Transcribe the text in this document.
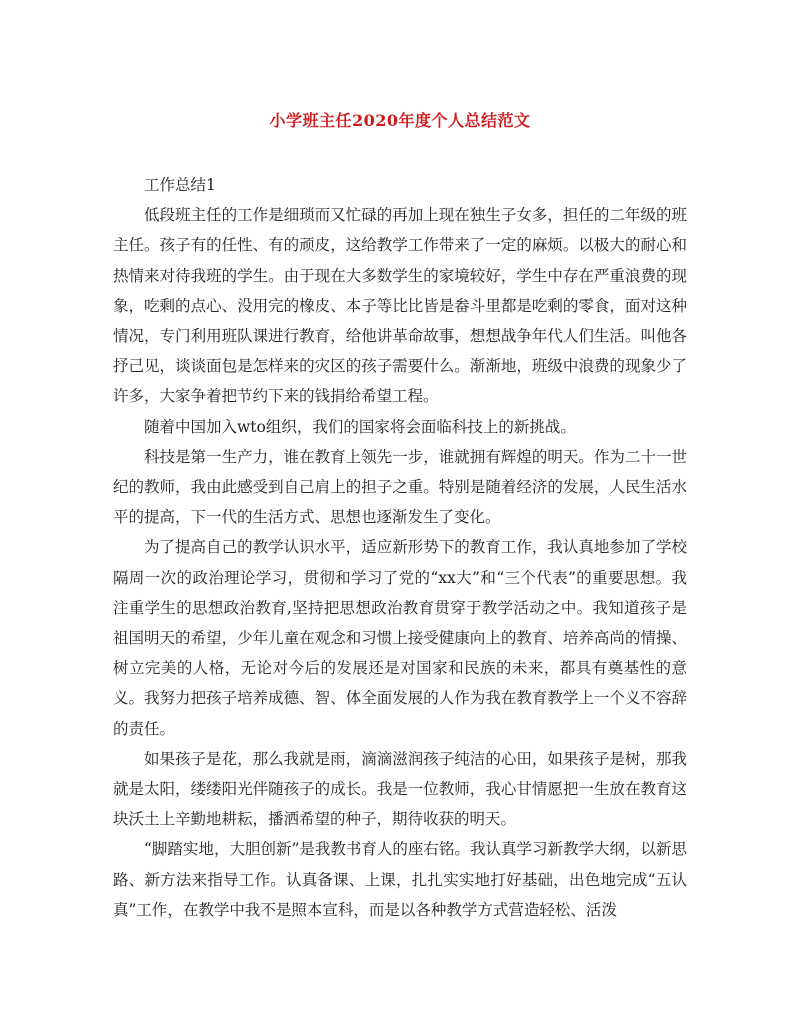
小学班主任2020年度个人总结范文

工作总结1

低段班主任的工作是细琐而又忙碌的再加上现在独生子女多，担任的二年级的班主任。孩子有的任性、有的顽皮，这给教学工作带来了一定的麻烦。以极大的耐心和热情来对待我班的学生。由于现在大多数学生的家境较好，学生中存在严重浪费的现象，吃剩的点心、没用完的橡皮、本子等比比皆是畚斗里都是吃剩的零食，面对这种情况，专门利用班队课进行教育，给他讲革命故事，想想战争年代人们生活。叫他各抒己见，谈谈面包是怎样来的灾区的孩子需要什么。渐渐地，班级中浪费的现象少了许多，大家争着把节约下来的钱捐给希望工程。

随着中国加入wto组织，我们的国家将会面临科技上的新挑战。

科技是第一生产力，谁在教育上领先一步，谁就拥有辉煌的明天。作为二十一世纪的教师，我由此感受到自己肩上的担子之重。特别是随着经济的发展，人民生活水平的提高，下一代的生活方式、思想也逐渐发生了变化。

为了提高自己的教学认识水平，适应新形势下的教育工作，我认真地参加了学校隔周一次的政治理论学习，贯彻和学习了党的“xx大”和“三个代表”的重要思想。我注重学生的思想政治教育,坚持把思想政治教育贯穿于教学活动之中。我知道孩子是祖国明天的希望，少年儿童在观念和习惯上接受健康向上的教育、培养高尚的情操、树立完美的人格，无论对今后的发展还是对国家和民族的未来，都具有奠基性的意义。我努力把孩子培养成德、智、体全面发展的人作为我在教育教学上一个义不容辞的责任。

如果孩子是花，那么我就是雨，滴滴滋润孩子纯洁的心田，如果孩子是树，那我就是太阳，缕缕阳光伴随孩子的成长。我是一位教师，我心甘情愿把一生放在教育这块沃土上辛勤地耕耘，播洒希望的种子，期待收获的明天。

“脚踏实地，大胆创新”是我教书育人的座右铭。我认真学习新教学大纲，以新思路、新方法来指导工作。认真备课、上课，扎扎实实地打好基础，出色地完成“五认真”工作，在教学中我不是照本宣科，而是以各种教学方式营造轻松、活泼
